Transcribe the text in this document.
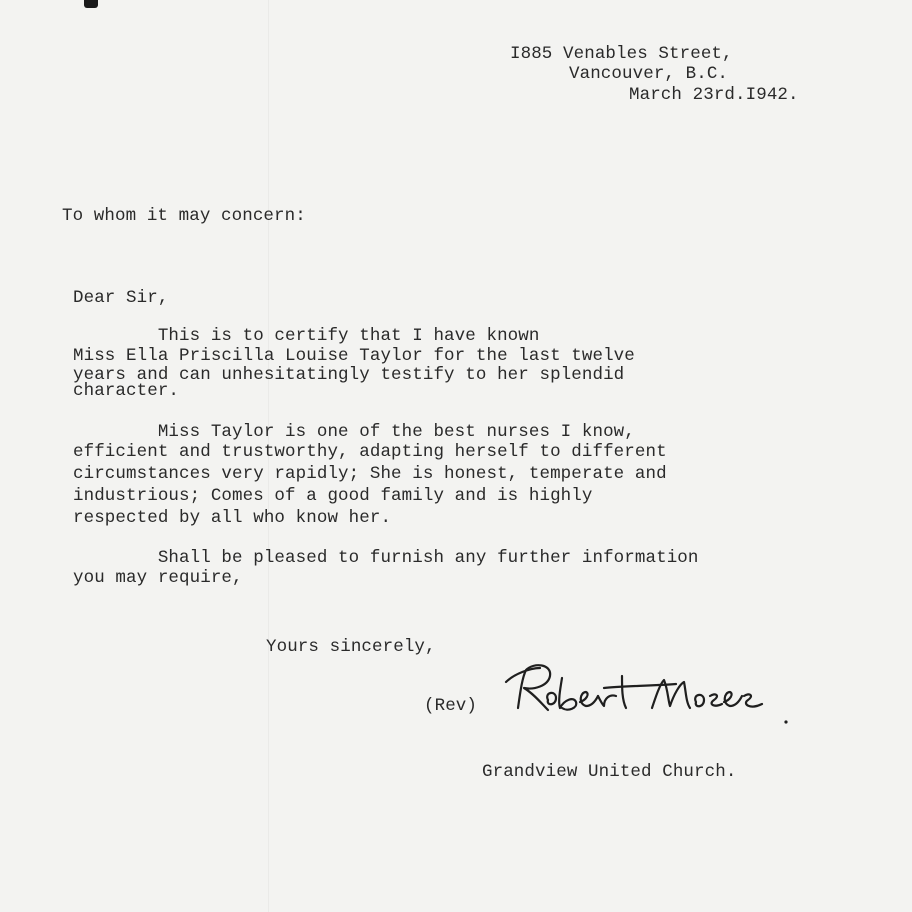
I885 Venables Street,
Vancouver, B.C.
March 23rd.I942.
To whom it may concern:
Dear Sir,
This is to certify that I have known
Miss Ella Priscilla Louise Taylor for the last twelve
years and can unhesitatingly testify to her splendid
character.
Miss Taylor is one of the best nurses I know,
efficient and trustworthy, adapting herself to different
circumstances very rapidly; She is honest, temperate and
industrious; Comes of a good family and is highly
respected by all who know her.
Shall be pleased to furnish any further information
you may require,
Yours sincerely,
(Rev)
Grandview United Church.
